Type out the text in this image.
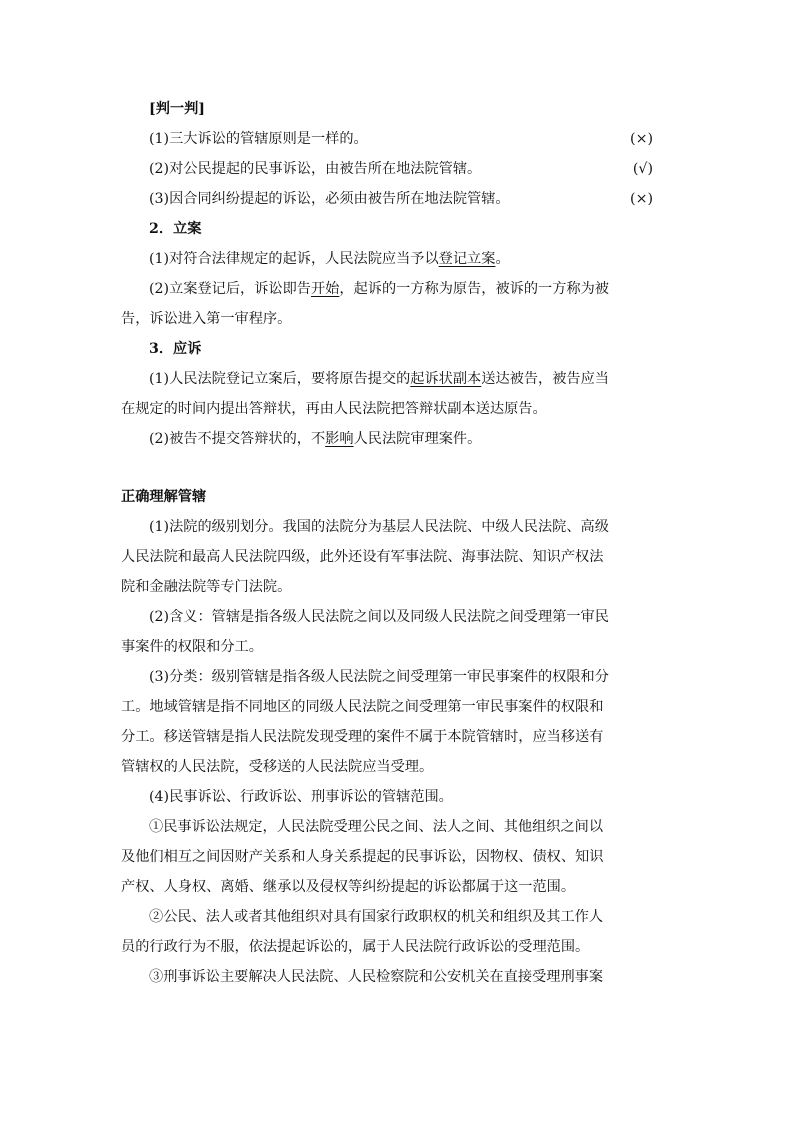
[判一判]
(1)三大诉讼的管辖原则是一样的。	(×)
(2)对公民提起的民事诉讼，由被告所在地法院管辖。	(√)
(3)因合同纠纷提起的诉讼，必须由被告所在地法院管辖。	(×)
2．立案
(1)对符合法律规定的起诉，人民法院应当予以登记立案。
(2)立案登记后，诉讼即告开始，起诉的一方称为原告，被诉的一方称为被
告，诉讼进入第一审程序。
3．应诉
(1)人民法院登记立案后，要将原告提交的起诉状副本送达被告，被告应当
在规定的时间内提出答辩状，再由人民法院把答辩状副本送达原告。
(2)被告不提交答辩状的，不影响人民法院审理案件。
正确理解管辖
(1)法院的级别划分。我国的法院分为基层人民法院、中级人民法院、高级
人民法院和最高人民法院四级，此外还设有军事法院、海事法院、知识产权法
院和金融法院等专门法院。
(2)含义：管辖是指各级人民法院之间以及同级人民法院之间受理第一审民
事案件的权限和分工。
(3)分类：级别管辖是指各级人民法院之间受理第一审民事案件的权限和分
工。地域管辖是指不同地区的同级人民法院之间受理第一审民事案件的权限和
分工。移送管辖是指人民法院发现受理的案件不属于本院管辖时，应当移送有
管辖权的人民法院，受移送的人民法院应当受理。
(4)民事诉讼、行政诉讼、刑事诉讼的管辖范围。
①民事诉讼法规定，人民法院受理公民之间、法人之间、其他组织之间以
及他们相互之间因财产关系和人身关系提起的民事诉讼，因物权、债权、知识
产权、人身权、离婚、继承以及侵权等纠纷提起的诉讼都属于这一范围。
②公民、法人或者其他组织对具有国家行政职权的机关和组织及其工作人
员的行政行为不服，依法提起诉讼的，属于人民法院行政诉讼的受理范围。
③刑事诉讼主要解决人民法院、人民检察院和公安机关在直接受理刑事案
